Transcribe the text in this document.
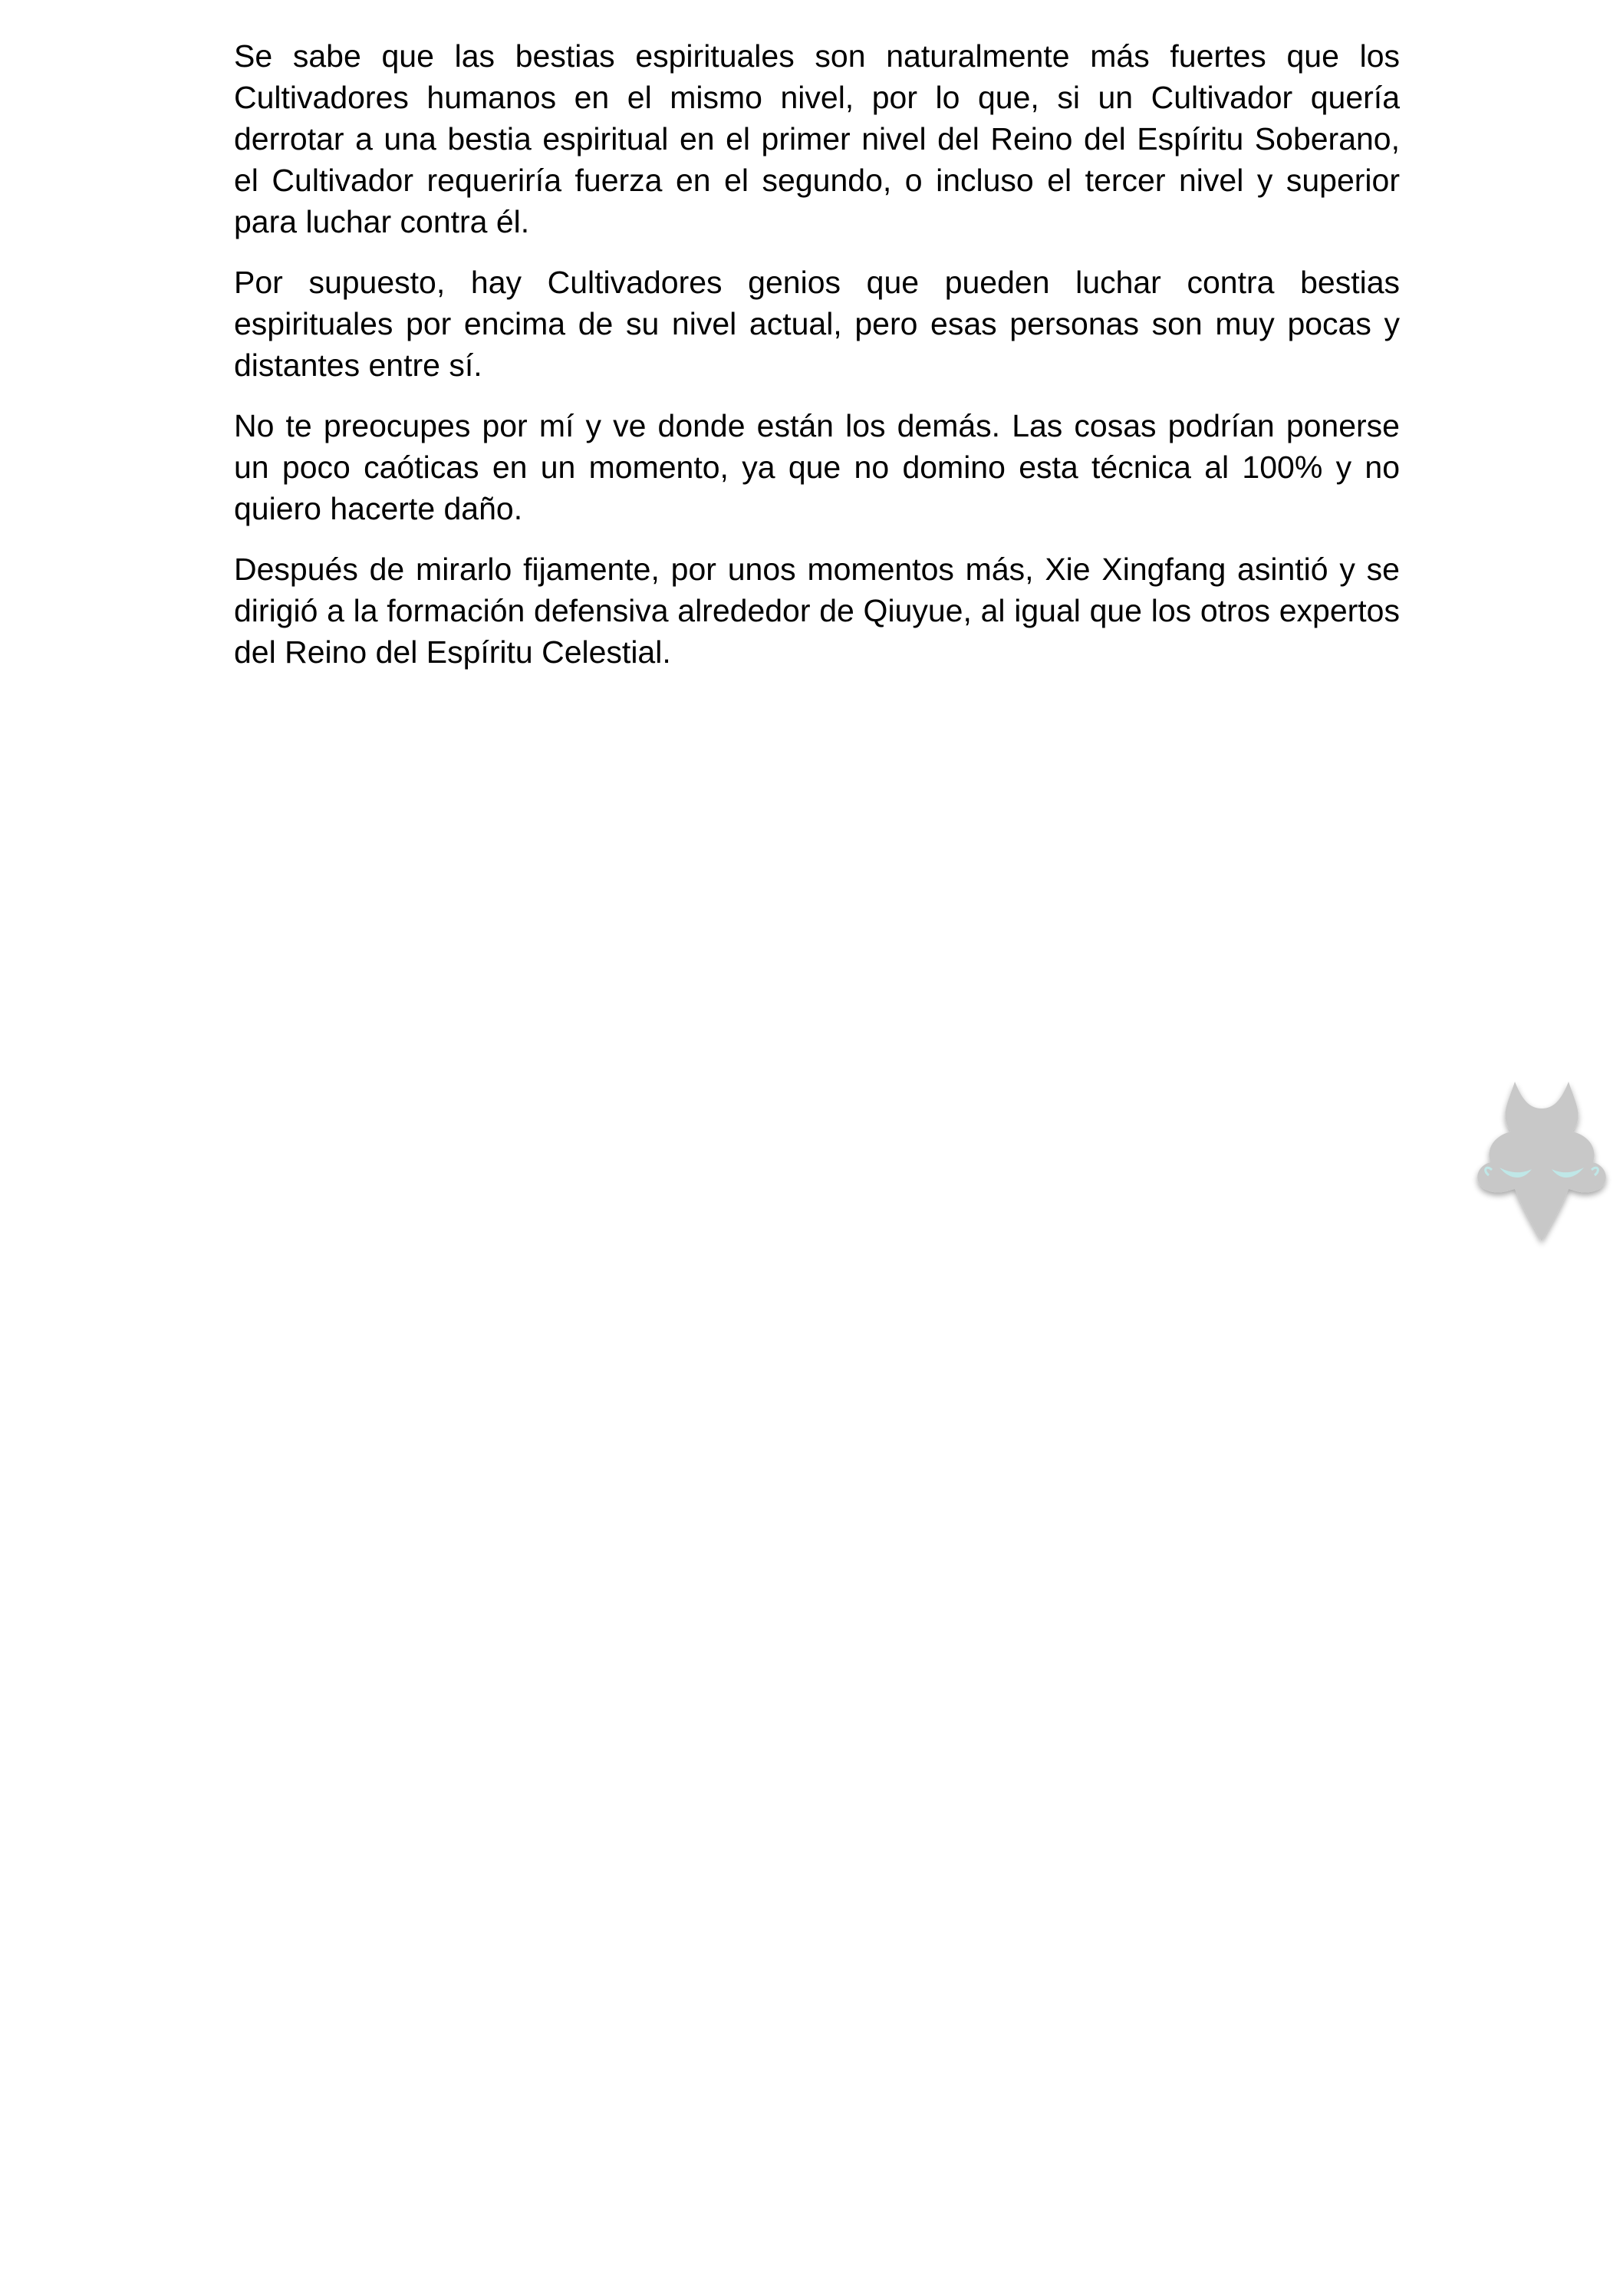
Se sabe que las bestias espirituales son naturalmente más fuertes que los Cultivadores humanos en el mismo nivel, por lo que, si un Cultivador quería derrotar a una bestia espiritual en el primer nivel del Reino del Espíritu Soberano, el Cultivador requeriría fuerza en el segundo, o incluso el tercer nivel y superior para luchar contra él.

Por supuesto, hay Cultivadores genios que pueden luchar contra bestias espirituales por encima de su nivel actual, pero esas personas son muy pocas y distantes entre sí.

No te preocupes por mí y ve donde están los demás. Las cosas podrían ponerse un poco caóticas en un momento, ya que no domino esta técnica al 100% y no quiero hacerte daño.

Después de mirarlo fijamente, por unos momentos más, Xie Xingfang asintió y se dirigió a la formación defensiva alrededor de Qiuyue, al igual que los otros expertos del Reino del Espíritu Celestial.
